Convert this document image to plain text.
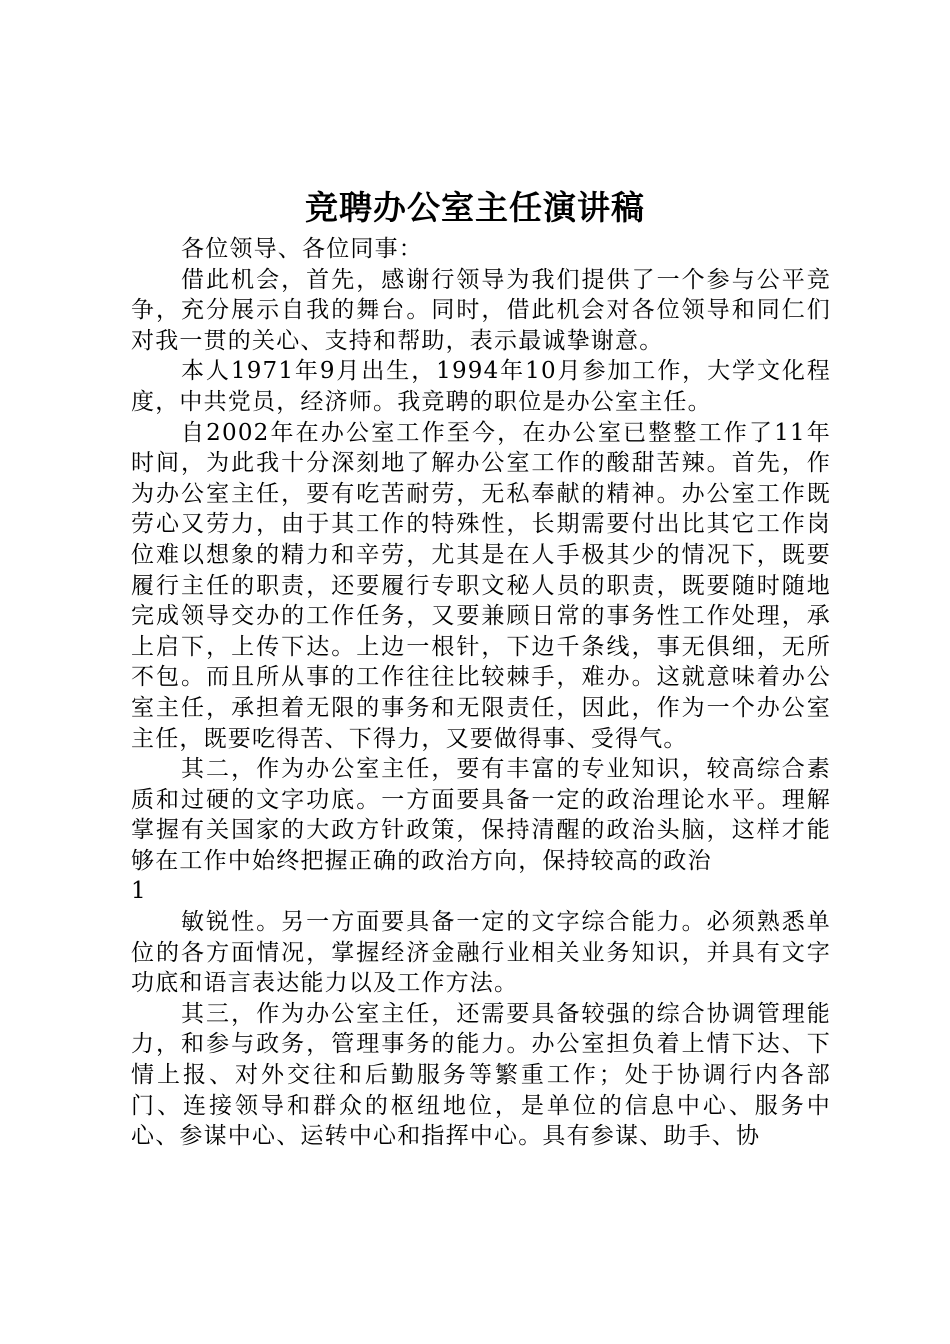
竞聘办公室主任演讲稿

各位领导、各位同事：

借此机会，首先，感谢行领导为我们提供了一个参与公平竞争，充分展示自我的舞台。同时，借此机会对各位领导和同仁们对我一贯的关心、支持和帮助，表示最诚挚谢意。

本人1971年9月出生，1994年10月参加工作，大学文化程度，中共党员，经济师。我竞聘的职位是办公室主任。

自2002年在办公室工作至今，在办公室已整整工作了11年时间，为此我十分深刻地了解办公室工作的酸甜苦辣。首先，作为办公室主任，要有吃苦耐劳，无私奉献的精神。办公室工作既劳心又劳力，由于其工作的特殊性，长期需要付出比其它工作岗位难以想象的精力和辛劳，尤其是在人手极其少的情况下，既要履行主任的职责，还要履行专职文秘人员的职责，既要随时随地完成领导交办的工作任务，又要兼顾日常的事务性工作处理，承上启下，上传下达。上边一根针，下边千条线，事无俱细，无所不包。而且所从事的工作往往比较棘手，难办。这就意味着办公室主任，承担着无限的事务和无限责任，因此，作为一个办公室主任，既要吃得苦、下得力，又要做得事、受得气。

其二，作为办公室主任，要有丰富的专业知识，较高综合素质和过硬的文字功底。一方面要具备一定的政治理论水平。理解掌握有关国家的大政方针政策，保持清醒的政治头脑，这样才能够在工作中始终把握正确的政治方向，保持较高的政治

1

敏锐性。另一方面要具备一定的文字综合能力。必须熟悉单位的各方面情况，掌握经济金融行业相关业务知识，并具有文字功底和语言表达能力以及工作方法。

其三，作为办公室主任，还需要具备较强的综合协调管理能力，和参与政务，管理事务的能力。办公室担负着上情下达、下情上报、对外交往和后勤服务等繁重工作；处于协调行内各部门、连接领导和群众的枢纽地位，是单位的信息中心、服务中心、参谋中心、运转中心和指挥中心。具有参谋、助手、协
